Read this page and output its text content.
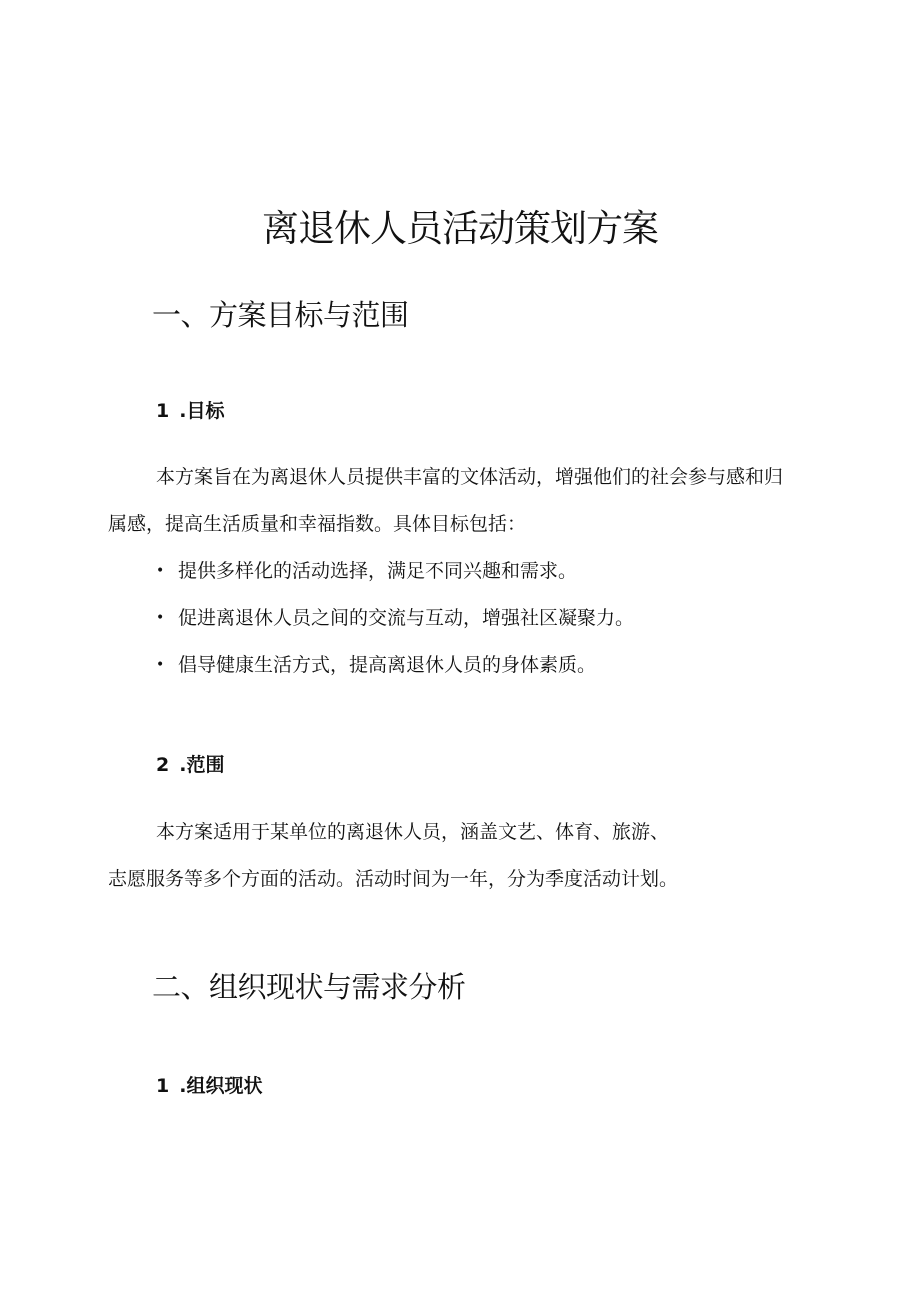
离退休人员活动策划方案
一、方案目标与范围
1 .目标
本方案旨在为离退休人员提供丰富的文体活动，增强他们的社会参与感和归
属感，提高生活质量和幸福指数。具体目标包括：
• 提供多样化的活动选择，满足不同兴趣和需求。
• 促进离退休人员之间的交流与互动，增强社区凝聚力。
• 倡导健康生活方式，提高离退休人员的身体素质。
2 .范围
本方案适用于某单位的离退休人员，涵盖文艺、体育、旅游、
志愿服务等多个方面的活动。活动时间为一年，分为季度活动计划。
二、组织现状与需求分析
1 .组织现状
